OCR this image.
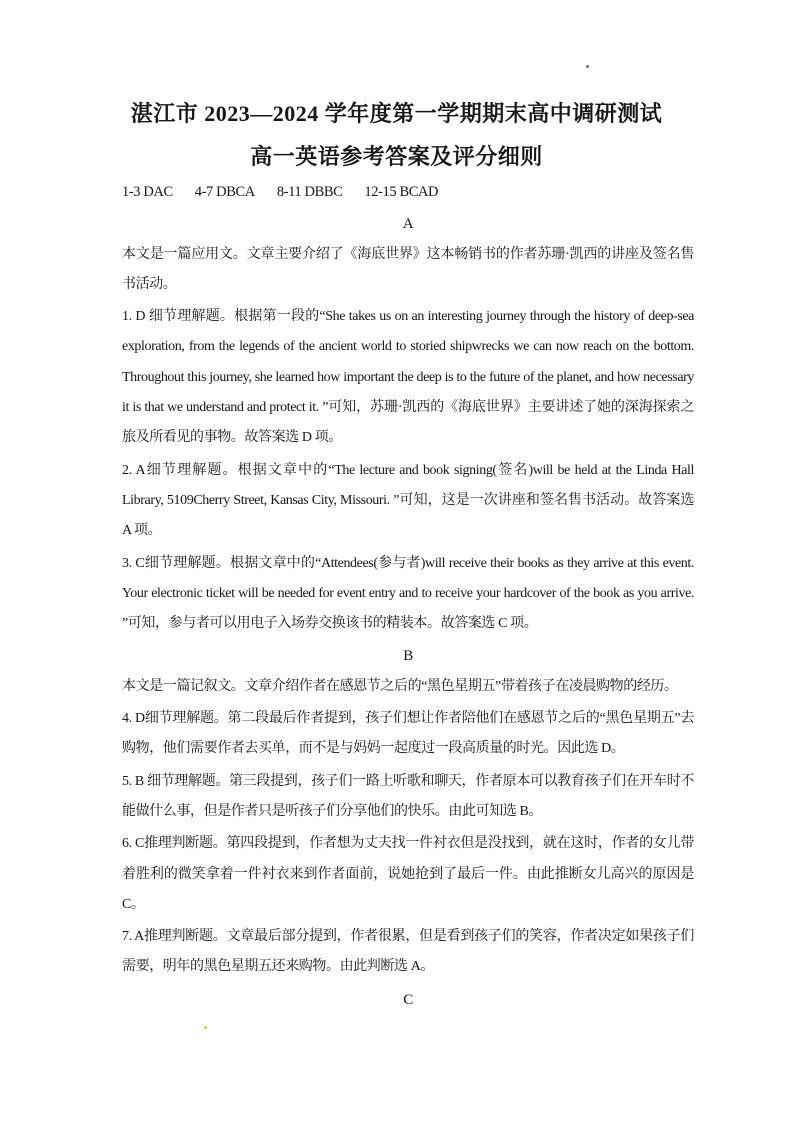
湛江市 2023—2024 学年度第一学期期末高中调研测试
高一英语参考答案及评分细则
1-3 DAC 4-7 DBCA 8-11 DBBC 12-15 BCAD
A

本文是一篇应用文。文章主要介绍了《海底世界》这本畅销书的作者苏珊·凯西的讲座及签名售书活动。

1. D 细节理解题。根据第一段的“She takes us on an interesting journey through the history of deep-sea exploration, from the legends of the ancient world to storied shipwrecks we can now reach on the bottom. Throughout this journey, she learned how important the deep is to the future of the planet, and how necessary it is that we understand and protect it. ”可知，苏珊·凯西的《海底世界》主要讲述了她的深海探索之旅及所看见的事物。故答案选 D 项。

2. A细节理解题。根据文章中的“The lecture and book signing(签名)will be held at the Linda Hall Library, 5109Cherry Street, Kansas City, Missouri. ”可知，这是一次讲座和签名售书活动。故答案选 A 项。

3. C细节理解题。根据文章中的“Attendees(参与者)will receive their books as they arrive at this event. Your electronic ticket will be needed for event entry and to receive your hardcover of the book as you arrive. ”可知，参与者可以用电子入场券交换该书的精装本。故答案选 C 项。

B

本文是一篇记叙文。文章介绍作者在感恩节之后的“黑色星期五”带着孩子在凌晨购物的经历。

4. D细节理解题。第二段最后作者提到，孩子们想让作者陪他们在感恩节之后的“黑色星期五”去购物，他们需要作者去买单，而不是与妈妈一起度过一段高质量的时光。因此选 D。

5. B 细节理解题。第三段提到，孩子们一路上听歌和聊天，作者原本可以教育孩子们在开车时不能做什么事，但是作者只是听孩子们分享他们的快乐。由此可知选 B。

6. C推理判断题。第四段提到，作者想为丈夫找一件衬衣但是没找到，就在这时，作者的女儿带着胜利的微笑拿着一件衬衣来到作者面前，说她抢到了最后一件。由此推断女儿高兴的原因是 C。

7. A推理判断题。文章最后部分提到，作者很累，但是看到孩子们的笑容，作者决定如果孩子们需要，明年的黑色星期五还来购物。由此判断选 A。

C
